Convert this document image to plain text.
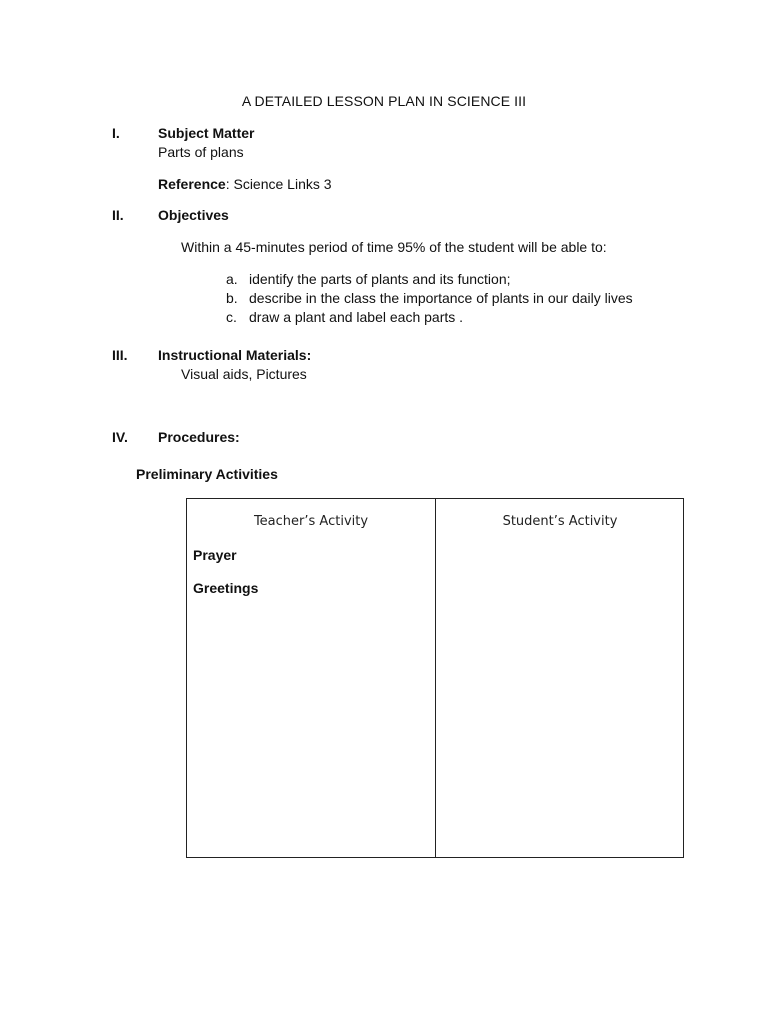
A DETAILED LESSON PLAN IN SCIENCE III
I.	Subject Matter
Parts of plans
Reference: Science Links 3
II. Objectives
Within a 45-minutes period of time 95% of the student will be able to:
a. identify the parts of plants and its function;
b. describe in the class the importance of plants in our daily lives
c. draw a plant and label each parts .
III. Instructional Materials:
Visual aids, Pictures
IV. Procedures:
Preliminary Activities
Teacher’s Activity	Student’s Activity
Prayer
Greetings
